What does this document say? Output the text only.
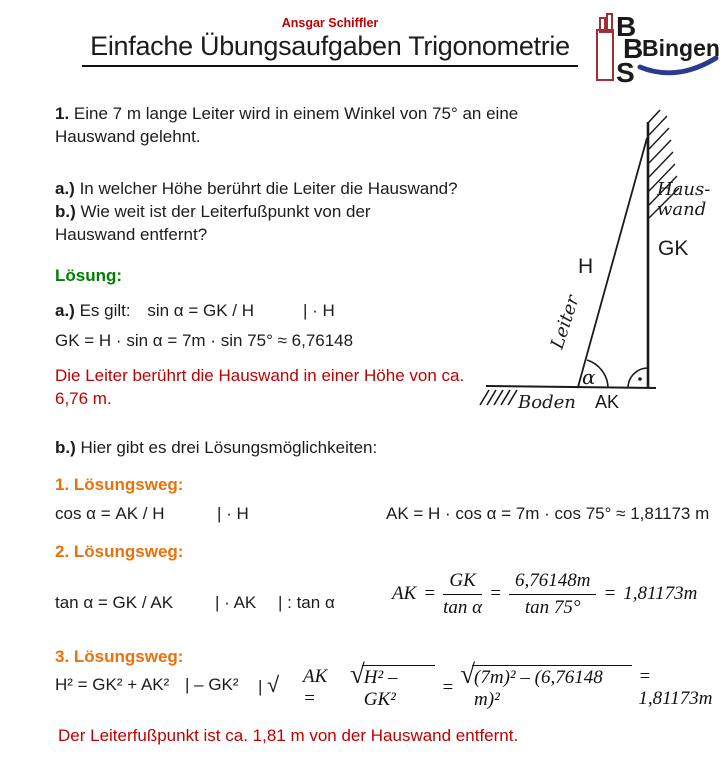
Ansgar Schiffler
Einfache Übungsaufgaben Trigonometrie
B
B
S
Bingen
1. Eine 7 m lange Leiter wird in einem Winkel von 75° an eine Hauswand gelehnt.
a.) In welcher Höhe berührt die Leiter die Hauswand?
b.) Wie weit ist der Leiterfußpunkt von der Hauswand entfernt?
Lösung:
a.) Es gilt: sin α = GK / H	| · H
GK = H · sin α = 7m · sin 75° ≈ 6,76148
Die Leiter berührt die Hauswand in einer Höhe von ca. 6,76 m.
b.) Hier gibt es drei Lösungsmöglichkeiten:
1. Lösungsweg:
cos α = AK / H	| · H	AK = H · cos α = 7m · cos 75° ≈ 1,81173 m
2. Lösungsweg:
tan α = GK / AK | · AK | : tan α	AK = $\frac{GK}{\text{tan α}} = \frac{6,76148m}{\tan 75^\circ} = 1,81173m$
3. Lösungsweg:
H² = GK² + AK² | – GK² | √ AK =
√ H² – GK²
= √ (7m)² – (6,76148 m)²
= 1,81173m
Der Leiterfußpunkt ist ca. 1,81 m von der Hauswand entfernt.
H
GK
Haus-
wand
Leiter
α
Boden AK
